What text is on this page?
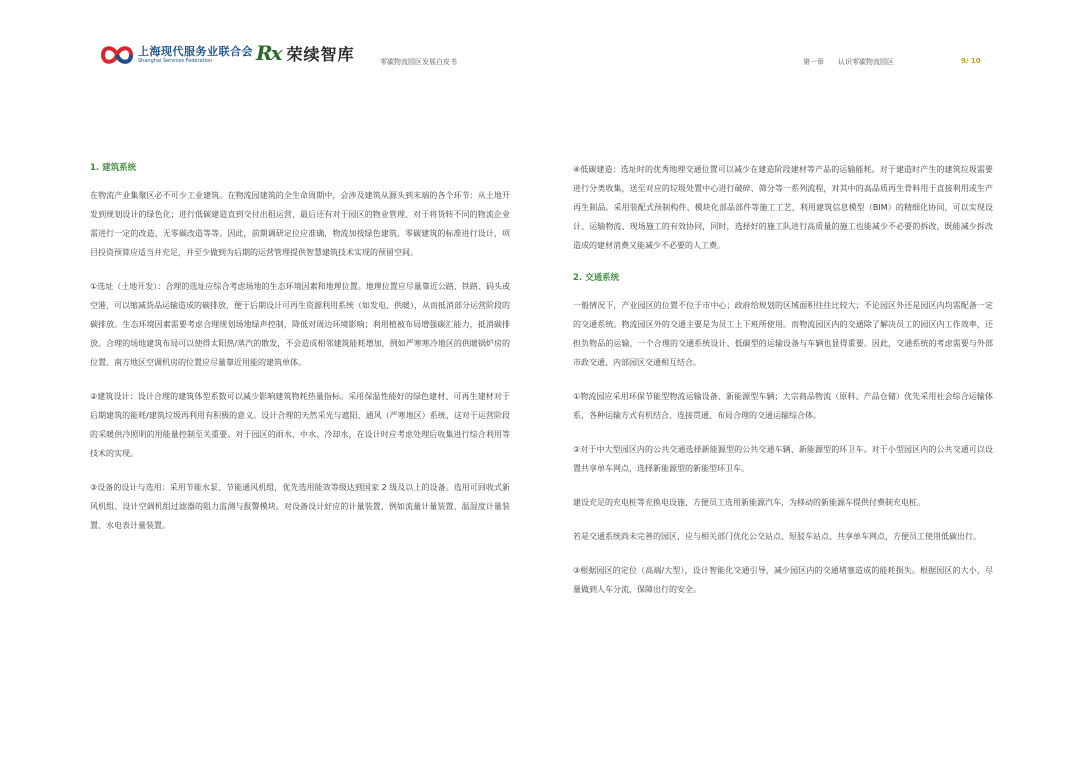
上海现代服务业联合会
Shanghai Services Federation	Rx 荣续智库	零碳物流园区发展白皮书	第一章 认识零碳物流园区	9/ 10
1. 建筑系统

在物流产业集聚区必不可少工业建筑。在物流园建筑的全生命周期中，会涉及建筑从源头到末端的各个环节：从土地开发到规划设计的绿色化；进行低碳建造直到交付出租运营，最后还有对于园区的物业管理、对于将货转不同的物流企业需进行一定的改造、无零碳改造等等。因此，前期调研定位应准确，物流加按绿色建筑、零碳建筑的标准进行设计，项目投资预算应适当并充足，并至少做到为后期的运营管理提供智慧建筑技术实现的预留空间。

①选址（土地开发）：合理的选址应综合考虑场地的生态环境因素和地理位置。地理位置应尽量靠近公路、铁路、码头或空港，可以缩减货品运输造成的碳排放，便于后期设计可再生资源利用系统（如发电、供暖），从而抵消部分运营阶段的碳排放。生态环境因素需要考虑合理规划场地绿声控制，降低对周边环境影响；利用植被布局增强碳汇能力，抵消碳排放。合理的场地建筑布局可以使得太阳热/蒸汽的散发，不会造成相邻建筑能耗增加，例如严寒寒冷地区的供暖锅炉房的位置、南方地区空调机房的位置应尽量靠近用能的建筑单体。

②建筑设计：设计合理的建筑体型系数可以减少影响建筑物耗热量指标。采用保温性能好的绿色建材、可再生建材对于后期建筑的能耗/建筑垃圾再利用有积极的意义。设计合理的天然采光与遮阳、通风（严寒地区）系统，这对于运营阶段的采暖供冷照明的用能量控制至关重要。对于园区的雨水、中水、冷却水，在设计时应考虑处理后收集进行综合利用等技术的实现。

③设备的设计与选用：采用节能水泵、节能通风机组，优先选用能效等级达到国家 2 级及以上的设备。选用可回收式新风机组、设计空调机组过滤器的阻力监测与报警模块。对设备设计好应的计量装置，例如流量计量装置、温湿度计量装置、水电表计量装置。

④低碳建造：选址时的优秀地理交通位置可以减少在建造阶段建材等产品的运输能耗。对于建造时产生的建筑垃圾需要进行分类收集，送至对应的垃圾处置中心进行破碎、筛分等一系列流程，对其中的高品质再生骨料用于直接利用或生产再生制品。采用装配式预制构件、模块化部品部件等施工工艺，利用建筑信息模型（BIM）的精细化协同，可以实现设计、运输物流、现场施工的有效协同，同时，选择好的施工队进行高质量的施工也能减少不必要的拆改，既能减少拆改造成的建材消费又能减少不必要的人工费。

2. 交通系统

一般情况下，产业园区的位置不位于市中心；政府给规划的区域面积往往比较大；不论园区外还是园区内均需配备一定的交通系统。物流园区外的交通主要是为员工上下班所使用。而物流园区内的交通除了解决员工的园区内工作效率，还担负物品的运输，一个合理的交通系统设计、低碳型的运输设备与车辆也显得重要。因此，交通系统的考虑需要与外部市政交通、内部园区交通相互结合。

①物流园应采用环保节能型物流运输设备、新能源型车辆；大宗商品物流（原料、产品仓储）优先采用社会综合运输体系，各种运输方式有机结合、连接贯通、布局合理的交通运输综合体。

②对于中大型园区内的公共交通选择新能源型的公共交通车辆、新能源型的环卫车。对于小型园区内的公共交通可以设置共享单车网点，选择新能源型的新能型环卫车。

建设充足的充电桩等充换电设施，方便员工选用新能源汽车，为移动的新能源车提供付费制充电桩。

若是交通系统尚未完善的园区，应与相关部门优化公交站点、短驳车站点、共享单车网点，方便员工使用低碳出行。

③根据园区的定位（高端/大型），设计智能化交通引导，减少园区内的交通堵塞造成的能耗损失。根据园区的大小，尽量做到人车分流，保障出行的安全。
